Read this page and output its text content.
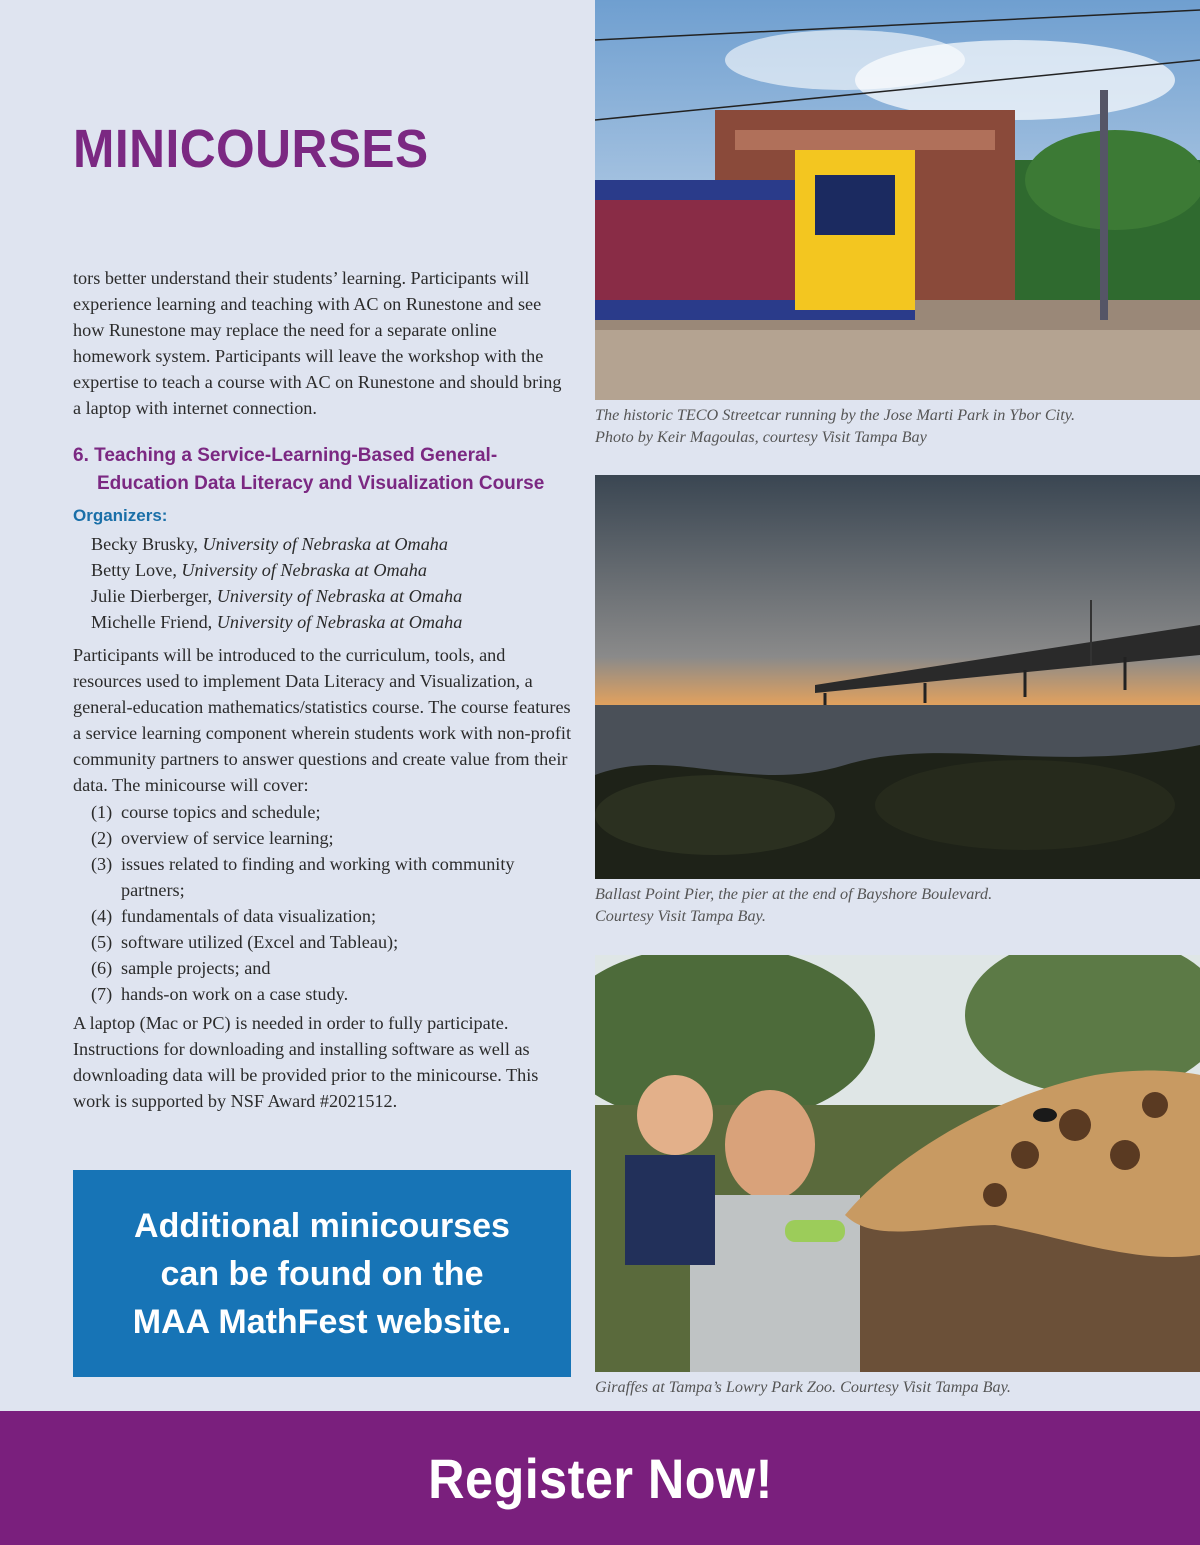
MINICOURSES

tors better understand their students’ learning. Participants will experience learning and teaching with AC on Runestone and see how Runestone may replace the need for a separate online homework system. Participants will leave the workshop with the expertise to teach a course with AC on Runestone and should bring a laptop with internet connection.

6. Teaching a Service-Learning-Based General-
Education Data Literacy and Visualization Course
Organizers:
Becky Brusky, University of Nebraska at Omaha
Betty Love, University of Nebraska at Omaha
Julie Dierberger, University of Nebraska at Omaha
Michelle Friend, University of Nebraska at Omaha

Participants will be introduced to the curriculum, tools, and resources used to implement Data Literacy and Visualization, a general-education mathematics/statistics course. The course features a service learning component wherein students work with non-profit community partners to answer questions and create value from their data. The minicourse will cover:

(1) course topics and schedule;
(2) overview of service learning;
(3) issues related to finding and working with community partners;
(4) fundamentals of data visualization;
(5) software utilized (Excel and Tableau);
(6) sample projects; and
(7) hands-on work on a case study.

A laptop (Mac or PC) is needed in order to fully participate. Instructions for downloading and installing software as well as downloading data will be provided prior to the minicourse. This work is supported by NSF Award #2021512.

Additional minicourses
can be found on the
MAA MathFest website.
The historic TECO Streetcar running by the Jose Marti Park in Ybor City.
Photo by Keir Magoulas, courtesy Visit Tampa Bay
Ballast Point Pier, the pier at the end of Bayshore Boulevard.
Courtesy Visit Tampa Bay.
Giraffes at Tampa’s Lowry Park Zoo. Courtesy Visit Tampa Bay.
Register Now!
